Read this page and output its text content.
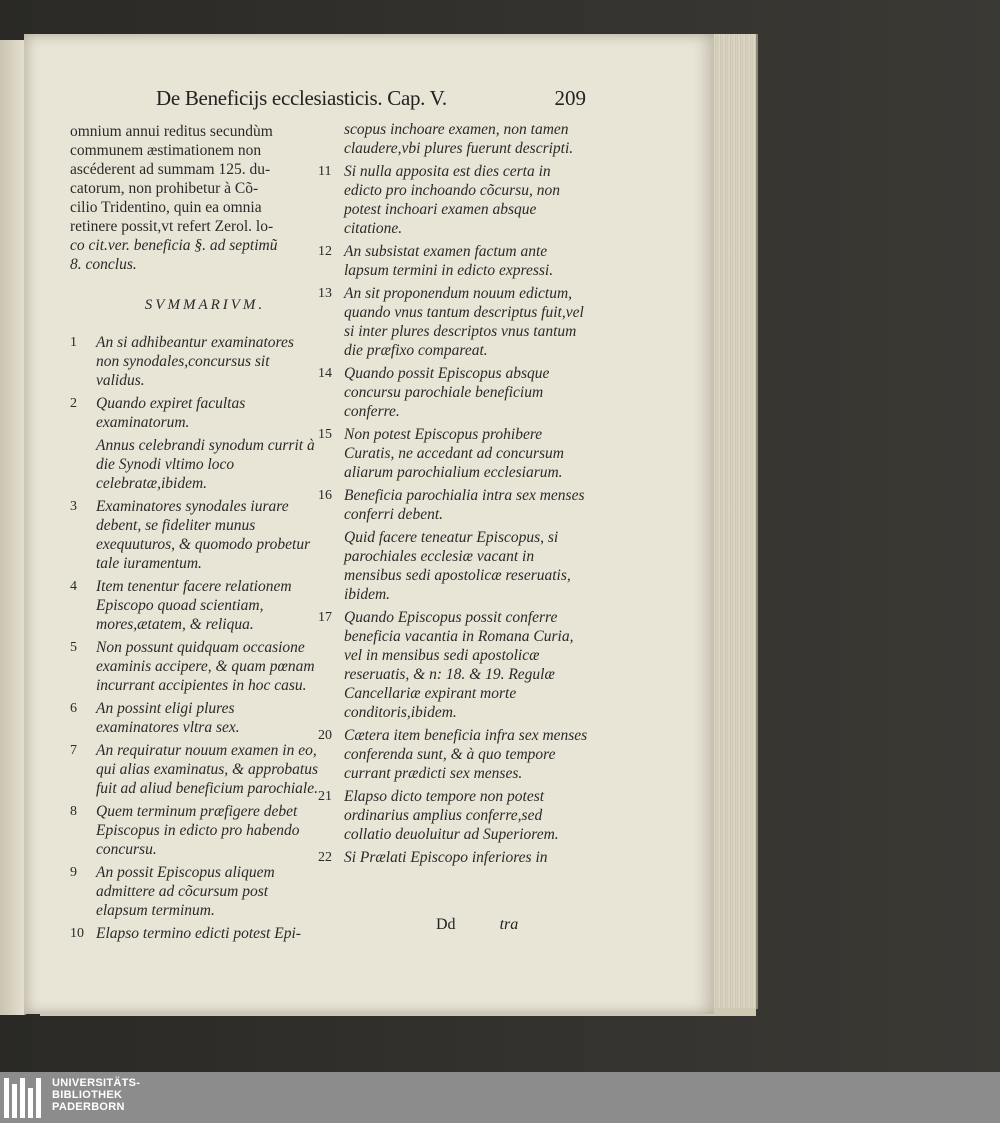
De Beneficijs ecclesiasticis. Cap. V.	209
omnium annui reditus secundùm
communem æstimationem non
ascéderent ad summam 125. du-
catorum, non prohibetur à Cõ-
cilio Tridentino, quin ea omnia
retinere possit,vt refert Zerol. lo-
co cit.ver. beneficia §. ad septimũ
8. conclus.
SVMMARIVM.
1	An si adhibeantur examinatores non synodales,concursus sit validus.
2	Quando expiret facultas examinatorum.
Annus celebrandi synodum currit à die Synodi vltimo loco celebratæ,ibidem.
3	Examinatores synodales iurare debent, se fideliter munus exequuturos, & quomodo probetur tale iuramentum.
4	Item tenentur facere relationem Episcopo quoad scientiam, mores,ætatem, & reliqua.
5	Non possunt quidquam occasione examinis accipere, & quam pœnam incurrant accipientes in hoc casu.
6	An possint eligi plures examinatores vltra sex.
7	An requiratur nouum examen in eo, qui alias examinatus, & approbatus fuit ad aliud beneficium parochiale.
8	Quem terminum præfigere debet Episcopus in edicto pro habendo concursu.
9	An possit Episcopus aliquem admittere ad cõcursum post elapsum terminum.
10 Elapso termino edicti potest Epi-
scopus inchoare examen, non tamen claudere,vbi plures fuerunt descripti.
11 Si nulla apposita est dies certa in edicto pro inchoando cõcursu, non potest inchoari examen absque citatione.
12 An subsistat examen factum ante lapsum termini in edicto expressi.
13 An sit proponendum nouum edictum, quando vnus tantum descriptus fuit,vel si inter plures descriptos vnus tantum die præfixo compareat.
14 Quando possit Episcopus absque concursu parochiale beneficium conferre.
15 Non potest Episcopus prohibere Curatis, ne accedant ad concursum aliarum parochialium ecclesiarum.
16 Beneficia parochialia intra sex menses conferri debent.
Quid facere teneatur Episcopus, si parochiales ecclesiæ vacant in mensibus sedi apostolicæ reseruatis, ibidem.
17 Quando Episcopus possit conferre beneficia vacantia in Romana Curia, vel in mensibus sedi apostolicæ reseruatis, & n: 18. & 19. Regulæ Cancellariæ expirant morte conditoris,ibidem.
20 Cætera item beneficia infra sex menses conferenda sunt, & à quo tempore currant prædicti sex menses.
21 Elapso dicto tempore non potest ordinarius amplius conferre,sed collatio deuoluitur ad Superiorem.
22 Si Prælati Episcopo inferiores in
Dd	tra
UNIVERSITÄTS-
BIBLIOTHEK
PADERBORN
